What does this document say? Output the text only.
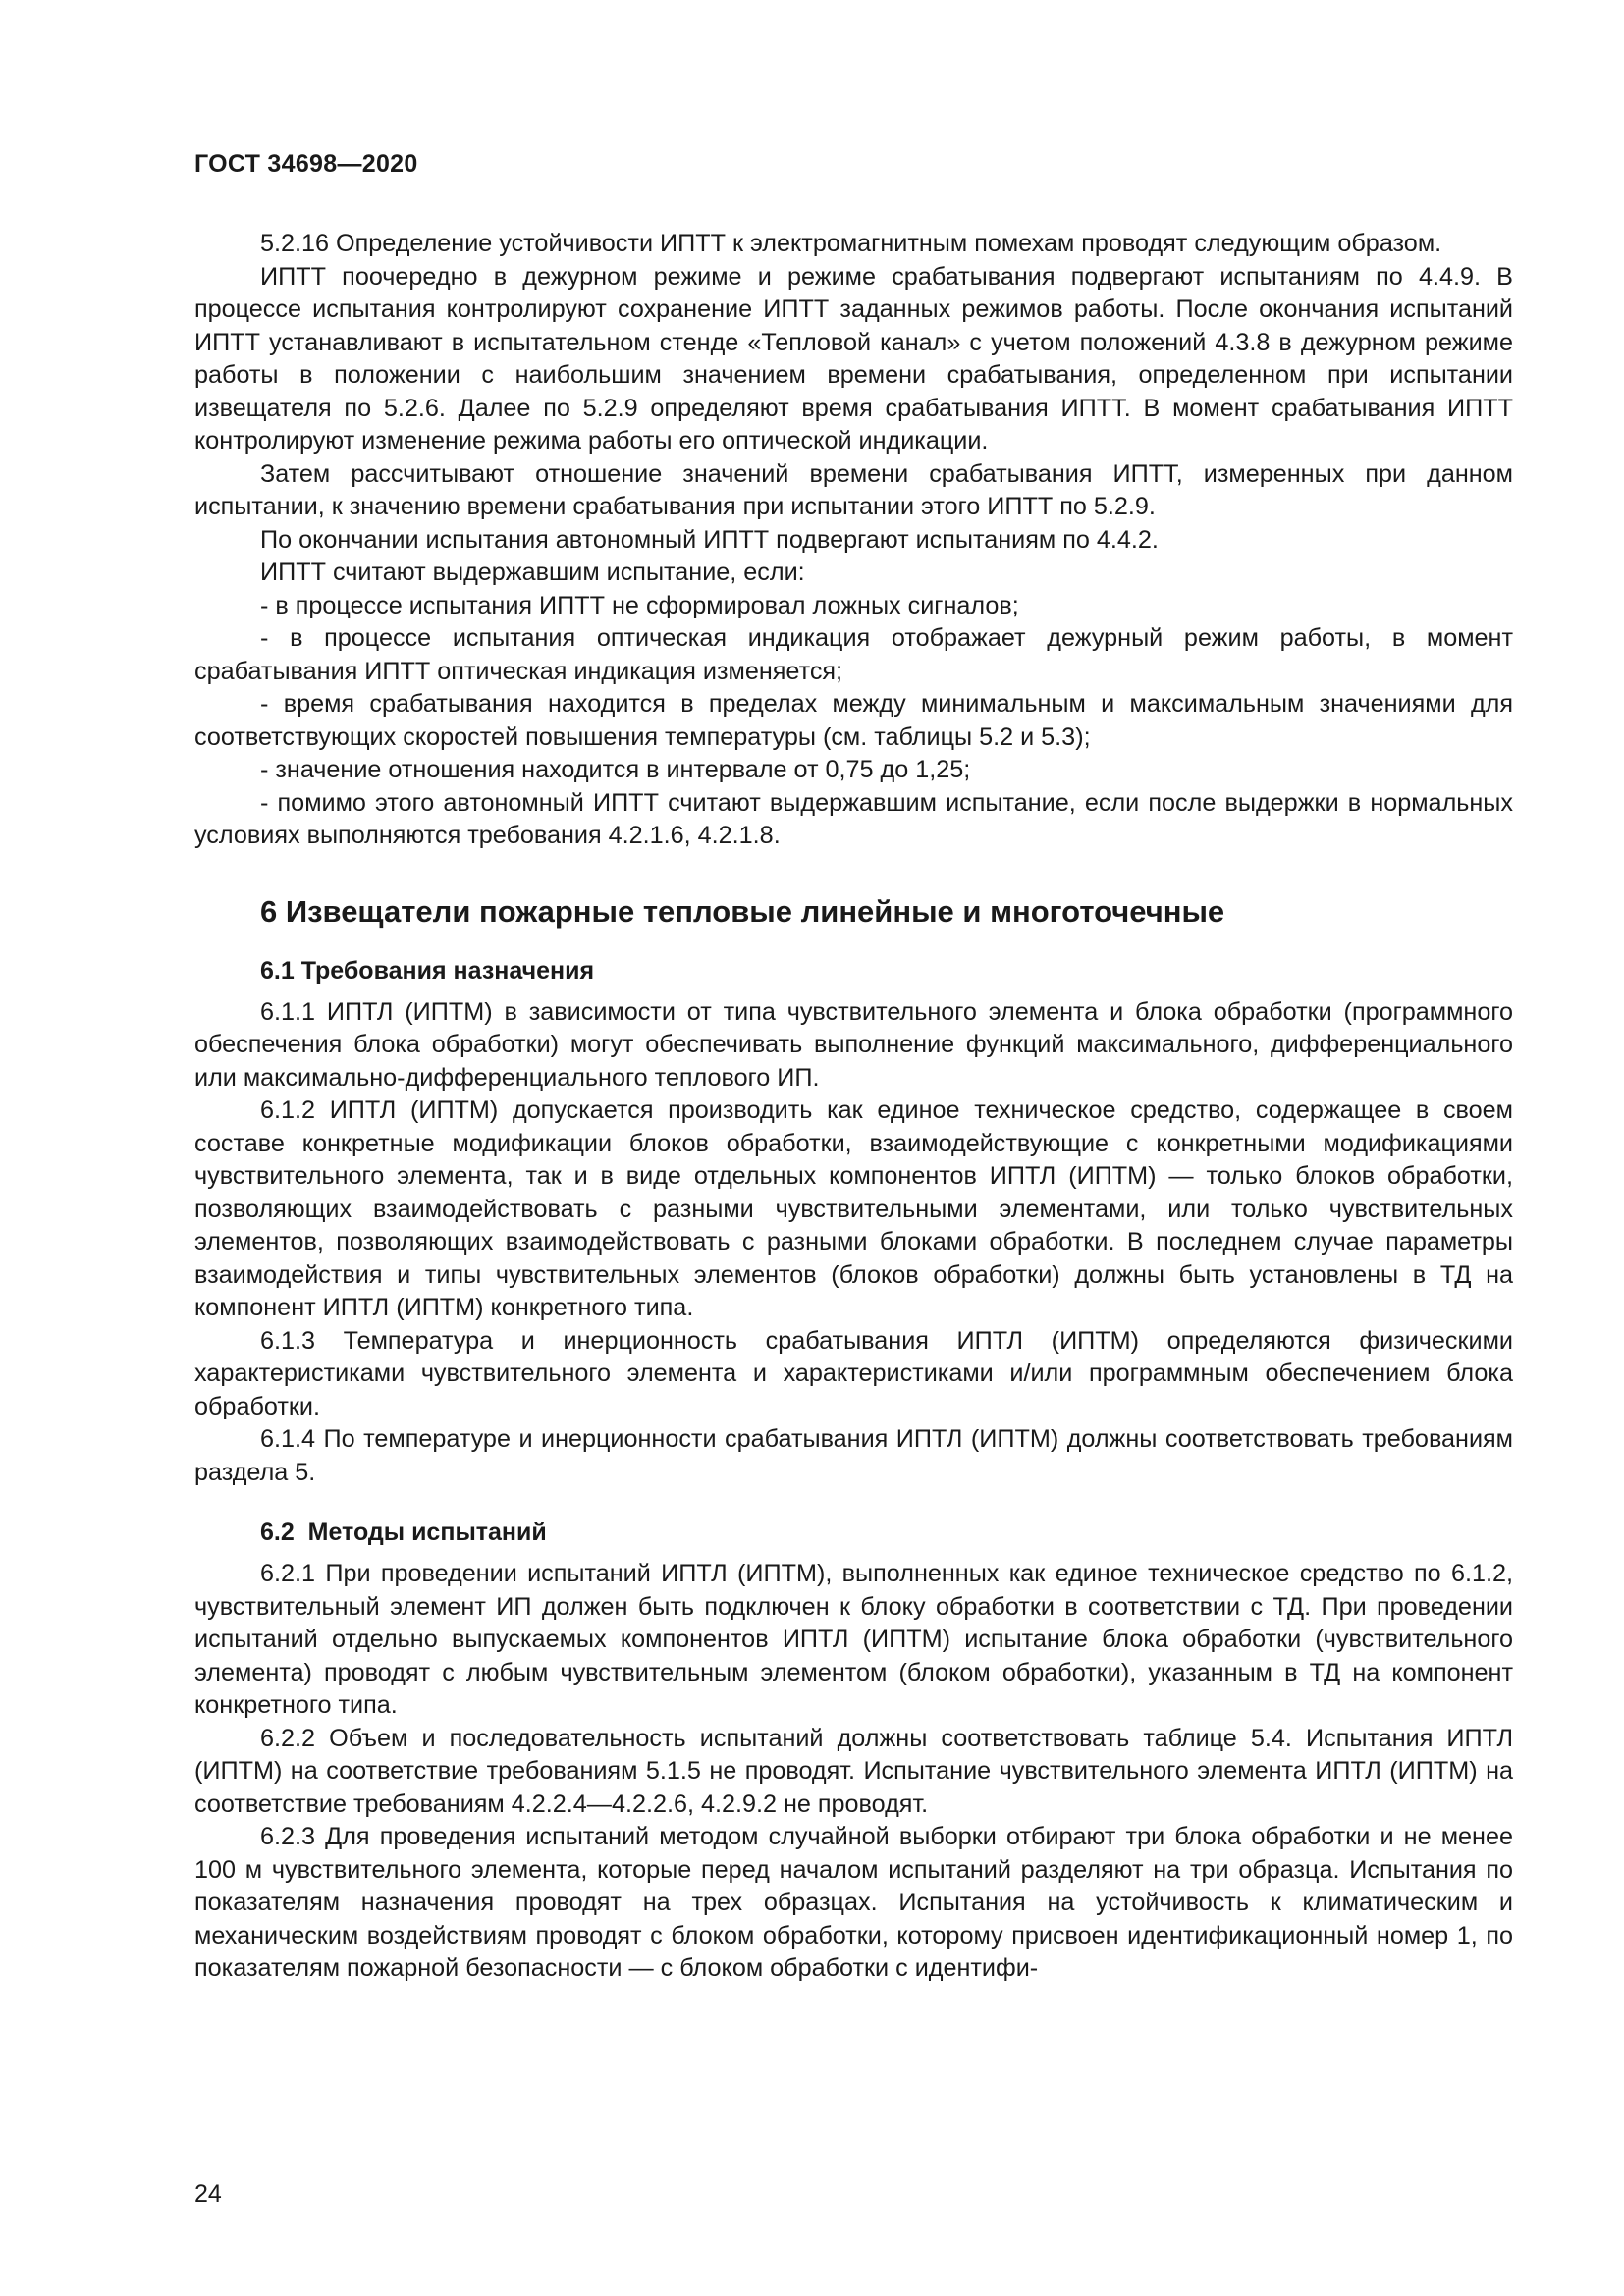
ГОСТ 34698—2020

5.2.16 Определение устойчивости ИПТТ к электромагнитным помехам проводят следующим образом.

ИПТТ поочередно в дежурном режиме и режиме срабатывания подвергают испытаниям по 4.4.9. В процессе испытания контролируют сохранение ИПТТ заданных режимов работы. После окончания испытаний ИПТТ устанавливают в испытательном стенде «Тепловой канал» с учетом положений 4.3.8 в дежурном режиме работы в положении с наибольшим значением времени срабатывания, определенном при испытании извещателя по 5.2.6. Далее по 5.2.9 определяют время срабатывания ИПТТ. В момент срабатывания ИПТТ контролируют изменение режима работы его оптической индикации.

Затем рассчитывают отношение значений времени срабатывания ИПТТ, измеренных при данном испытании, к значению времени срабатывания при испытании этого ИПТТ по 5.2.9.

По окончании испытания автономный ИПТТ подвергают испытаниям по 4.4.2.

ИПТТ считают выдержавшим испытание, если:

- в процессе испытания ИПТТ не сформировал ложных сигналов;

- в процессе испытания оптическая индикация отображает дежурный режим работы, в момент срабатывания ИПТТ оптическая индикация изменяется;

- время срабатывания находится в пределах между минимальным и максимальным значениями для соответствующих скоростей повышения температуры (см. таблицы 5.2 и 5.3);

- значение отношения находится в интервале от 0,75 до 1,25;

- помимо этого автономный ИПТТ считают выдержавшим испытание, если после выдержки в нормальных условиях выполняются требования 4.2.1.6, 4.2.1.8.

6 Извещатели пожарные тепловые линейные и многоточечные
6.1 Требования назначения

6.1.1 ИПТЛ (ИПТМ) в зависимости от типа чувствительного элемента и блока обработки (программного обеспечения блока обработки) могут обеспечивать выполнение функций максимального, дифференциального или максимально-дифференциального теплового ИП.

6.1.2 ИПТЛ (ИПТМ) допускается производить как единое техническое средство, содержащее в своем составе конкретные модификации блоков обработки, взаимодействующие с конкретными модификациями чувствительного элемента, так и в виде отдельных компонентов ИПТЛ (ИПТМ) — только блоков обработки, позволяющих взаимодействовать с разными чувствительными элементами, или только чувствительных элементов, позволяющих взаимодействовать с разными блоками обработки. В последнем случае параметры взаимодействия и типы чувствительных элементов (блоков обработки) должны быть установлены в ТД на компонент ИПТЛ (ИПТМ) конкретного типа.

6.1.3 Температура и инерционность срабатывания ИПТЛ (ИПТМ) определяются физическими характеристиками чувствительного элемента и характеристиками и/или программным обеспечением блока обработки.

6.1.4 По температуре и инерционности срабатывания ИПТЛ (ИПТМ) должны соответствовать требованиям раздела 5.

6.2  Методы испытаний

6.2.1 При проведении испытаний ИПТЛ (ИПТМ), выполненных как единое техническое средство по 6.1.2, чувствительный элемент ИП должен быть подключен к блоку обработки в соответствии с ТД. При проведении испытаний отдельно выпускаемых компонентов ИПТЛ (ИПТМ) испытание блока обработки (чувствительного элемента) проводят с любым чувствительным элементом (блоком обработки), указанным в ТД на компонент конкретного типа.

6.2.2 Объем и последовательность испытаний должны соответствовать таблице 5.4. Испытания ИПТЛ (ИПТМ) на соответствие требованиям 5.1.5 не проводят. Испытание чувствительного элемента ИПТЛ (ИПТМ) на соответствие требованиям 4.2.2.4—4.2.2.6, 4.2.9.2 не проводят.

6.2.3 Для проведения испытаний методом случайной выборки отбирают три блока обработки и не менее 100 м чувствительного элемента, которые перед началом испытаний разделяют на три образца. Испытания по показателям назначения проводят на трех образцах. Испытания на устойчивость к климатическим и механическим воздействиям проводят с блоком обработки, которому присвоен идентификационный номер 1, по показателям пожарной безопасности — с блоком обработки с идентифи-

24
